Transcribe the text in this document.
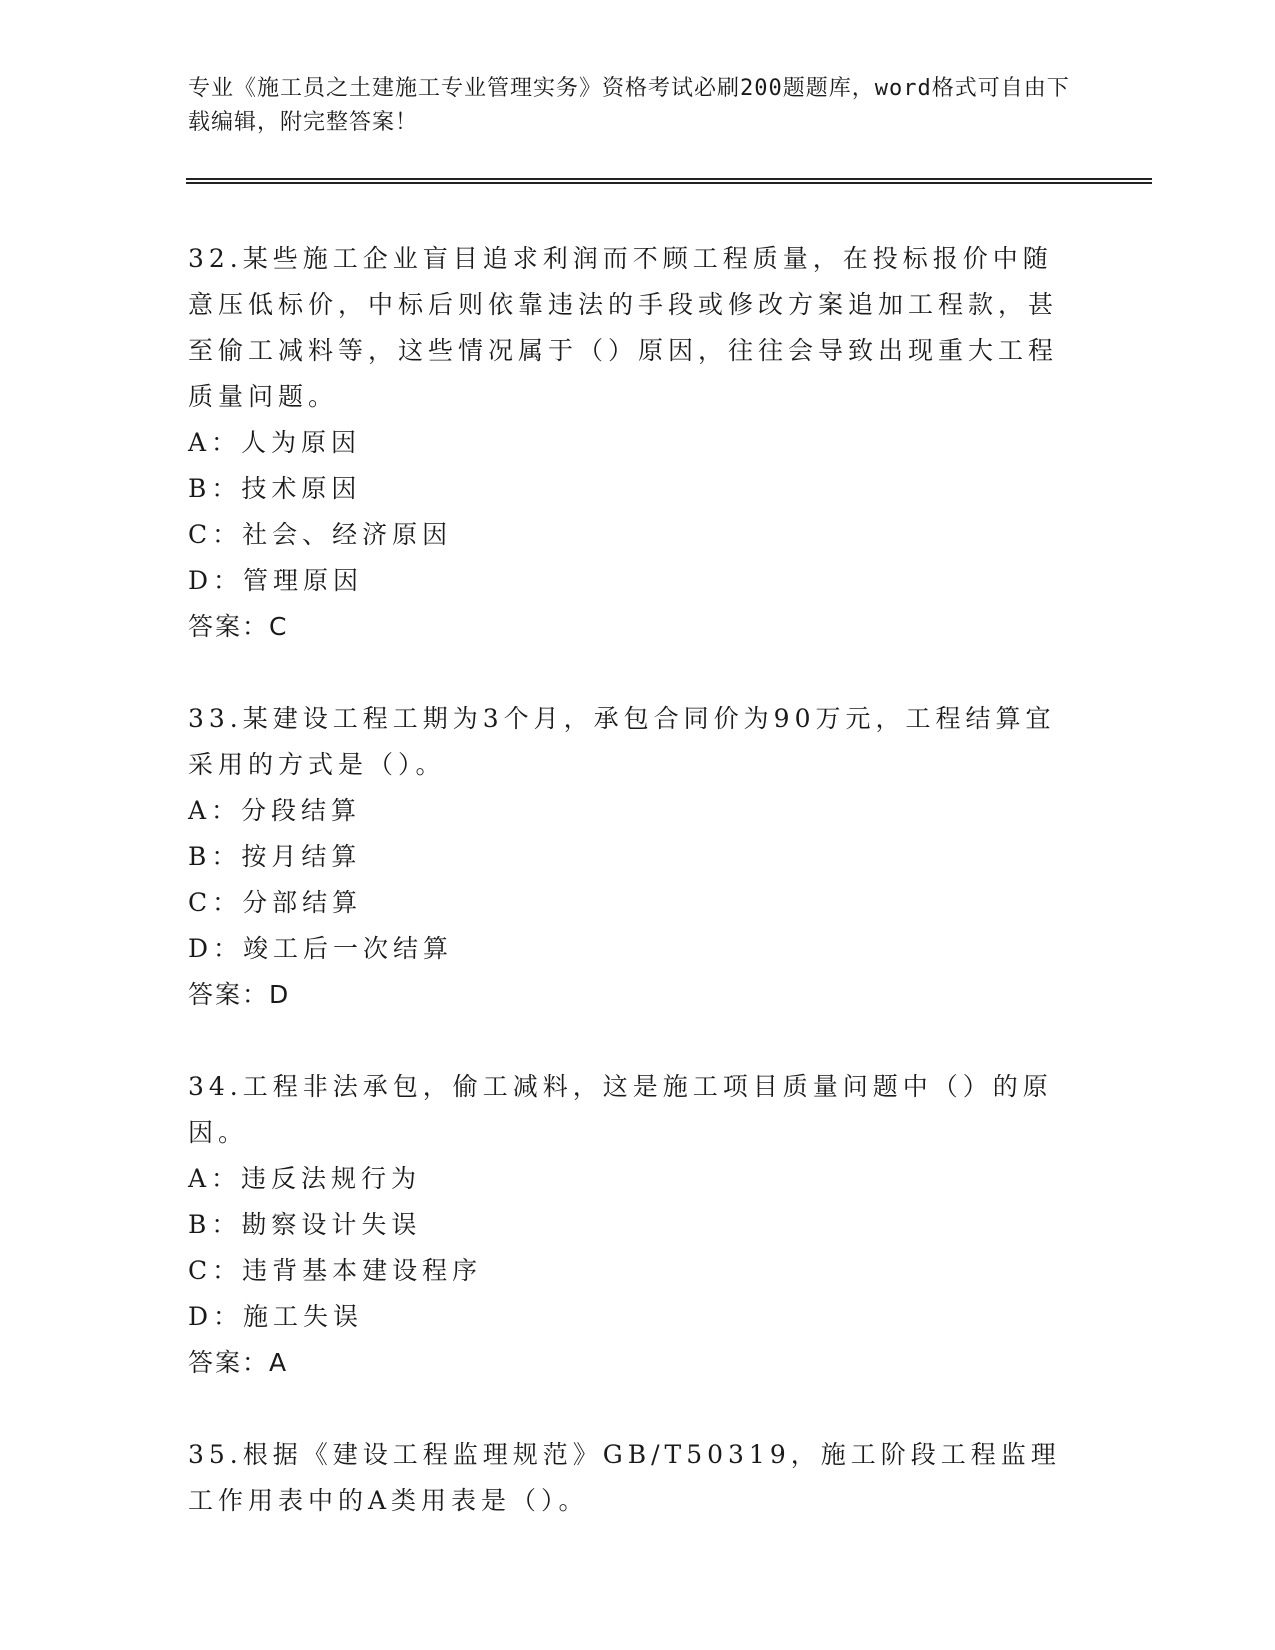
专业《施工员之土建施工专业管理实务》资格考试必刷200题题库，word格式可自由下载编辑，附完整答案！

32.某些施工企业盲目追求利润而不顾工程质量，在投标报价中随意压低标价，中标后则依靠违法的手段或修改方案追加工程款，甚至偷工减料等，这些情况属于（）原因，往往会导致出现重大工程质量问题。

A：人为原因
B：技术原因
C：社会、经济原因
D：管理原因
答案：C

33.某建设工程工期为3个月，承包合同价为90万元，工程结算宜采用的方式是（）。

A：分段结算
B：按月结算
C：分部结算
D：竣工后一次结算
答案：D

34.工程非法承包，偷工减料，这是施工项目质量问题中（）的原因。

A：违反法规行为
B：勘察设计失误
C：违背基本建设程序
D：施工失误
答案：A

35.根据《建设工程监理规范》GB/T50319，施工阶段工程监理工作用表中的A类用表是（）。
